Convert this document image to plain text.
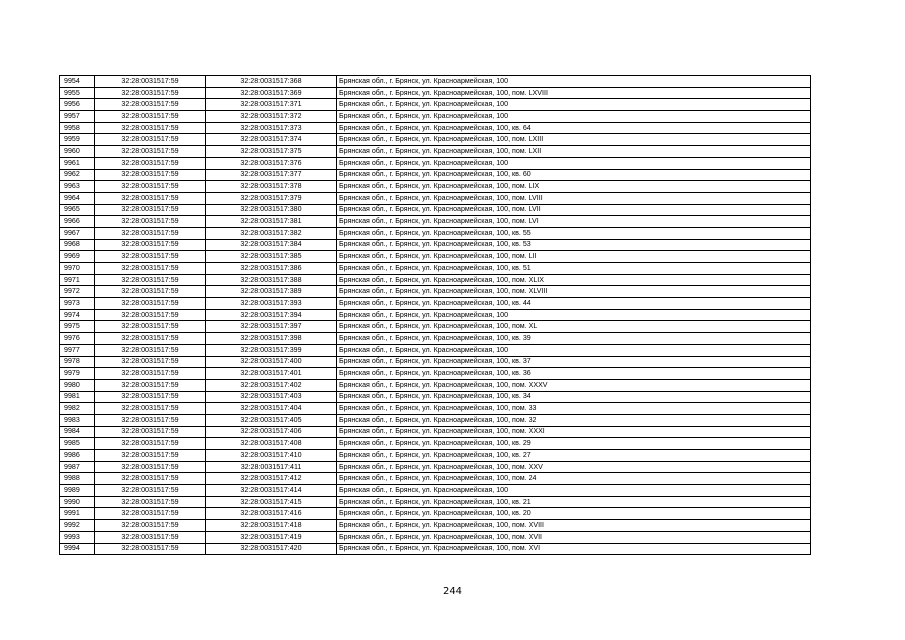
9954	32:28:0031517:59	32:28:0031517:368	Брянская обл., г. Брянск, ул. Красноармейская, 100
9955	32:28:0031517:59	32:28:0031517:369	Брянская обл., г. Брянск, ул. Красноармейская, 100, пом. LXVIII
9956	32:28:0031517:59	32:28:0031517:371	Брянская обл., г. Брянск, ул. Красноармейская, 100
9957	32:28:0031517:59	32:28:0031517:372	Брянская обл., г. Брянск, ул. Красноармейская, 100
9958	32:28:0031517:59	32:28:0031517:373	Брянская обл., г. Брянск, ул. Красноармейская, 100, кв. 64
9959	32:28:0031517:59	32:28:0031517:374	Брянская обл., г. Брянск, ул. Красноармейская, 100, пом. LXIII
9960	32:28:0031517:59	32:28:0031517:375	Брянская обл., г. Брянск, ул. Красноармейская, 100, пом. LXII
9961	32:28:0031517:59	32:28:0031517:376	Брянская обл., г. Брянск, ул. Красноармейская, 100
9962	32:28:0031517:59	32:28:0031517:377	Брянская обл., г. Брянск, ул. Красноармейская, 100, кв. 60
9963	32:28:0031517:59	32:28:0031517:378	Брянская обл., г. Брянск, ул. Красноармейская, 100, пом. LIX
9964	32:28:0031517:59	32:28:0031517:379	Брянская обл., г. Брянск, ул. Красноармейская, 100, пом. LVIII
9965	32:28:0031517:59	32:28:0031517:380	Брянская обл., г. Брянск, ул. Красноармейская, 100, пом. LVII
9966	32:28:0031517:59	32:28:0031517:381	Брянская обл., г. Брянск, ул. Красноармейская, 100, пом. LVI
9967	32:28:0031517:59	32:28:0031517:382	Брянская обл., г. Брянск, ул. Красноармейская, 100, кв. 55
9968	32:28:0031517:59	32:28:0031517:384	Брянская обл., г. Брянск, ул. Красноармейская, 100, кв. 53
9969	32:28:0031517:59	32:28:0031517:385	Брянская обл., г. Брянск, ул. Красноармейская, 100, пом. LII
9970	32:28:0031517:59	32:28:0031517:386	Брянская обл., г. Брянск, ул. Красноармейская, 100, кв. 51
9971	32:28:0031517:59	32:28:0031517:388	Брянская обл., г. Брянск, ул. Красноармейская, 100, пом. XLIX
9972	32:28:0031517:59	32:28:0031517:389	Брянская обл., г. Брянск, ул. Красноармейская, 100, пом. XLVIII
9973	32:28:0031517:59	32:28:0031517:393	Брянская обл., г. Брянск, ул. Красноармейская, 100, кв. 44
9974	32:28:0031517:59	32:28:0031517:394	Брянская обл., г. Брянск, ул. Красноармейская, 100
9975	32:28:0031517:59	32:28:0031517:397	Брянская обл., г. Брянск, ул. Красноармейская, 100, пом. XL
9976	32:28:0031517:59	32:28:0031517:398	Брянская обл., г. Брянск, ул. Красноармейская, 100, кв. 39
9977	32:28:0031517:59	32:28:0031517:399	Брянская обл., г. Брянск, ул. Красноармейская, 100
9978	32:28:0031517:59	32:28:0031517:400	Брянская обл., г. Брянск, ул. Красноармейская, 100, кв. 37
9979	32:28:0031517:59	32:28:0031517:401	Брянская обл., г. Брянск, ул. Красноармейская, 100, кв. 36
9980	32:28:0031517:59	32:28:0031517:402	Брянская обл., г. Брянск, ул. Красноармейская, 100, пом. XXXV
9981	32:28:0031517:59	32:28:0031517:403	Брянская обл., г. Брянск, ул. Красноармейская, 100, кв. 34
9982	32:28:0031517:59	32:28:0031517:404	Брянская обл., г. Брянск, ул. Красноармейская, 100, пом. 33
9983	32:28:0031517:59	32:28:0031517:405	Брянская обл., г. Брянск, ул. Красноармейская, 100, пом. 32
9984	32:28:0031517:59	32:28:0031517:406	Брянская обл., г. Брянск, ул. Красноармейская, 100, пом. XXXI
9985	32:28:0031517:59	32:28:0031517:408	Брянская обл., г. Брянск, ул. Красноармейская, 100, кв. 29
9986	32:28:0031517:59	32:28:0031517:410	Брянская обл., г. Брянск, ул. Красноармейская, 100, кв. 27
9987	32:28:0031517:59	32:28:0031517:411	Брянская обл., г. Брянск, ул. Красноармейская, 100, пом. XXV
9988	32:28:0031517:59	32:28:0031517:412	Брянская обл., г. Брянск, ул. Красноармейская, 100, пом. 24
9989	32:28:0031517:59	32:28:0031517:414	Брянская обл., г. Брянск, ул. Красноармейская, 100
9990	32:28:0031517:59	32:28:0031517:415	Брянская обл., г. Брянск, ул. Красноармейская, 100, кв. 21
9991	32:28:0031517:59	32:28:0031517:416	Брянская обл., г. Брянск, ул. Красноармейская, 100, кв. 20
9992	32:28:0031517:59	32:28:0031517:418	Брянская обл., г. Брянск, ул. Красноармейская, 100, пом. XVIII
9993	32:28:0031517:59	32:28:0031517:419	Брянская обл., г. Брянск, ул. Красноармейская, 100, пом. XVII
9994	32:28:0031517:59	32:28:0031517:420	Брянская обл., г. Брянск, ул. Красноармейская, 100, пом. XVI
244
